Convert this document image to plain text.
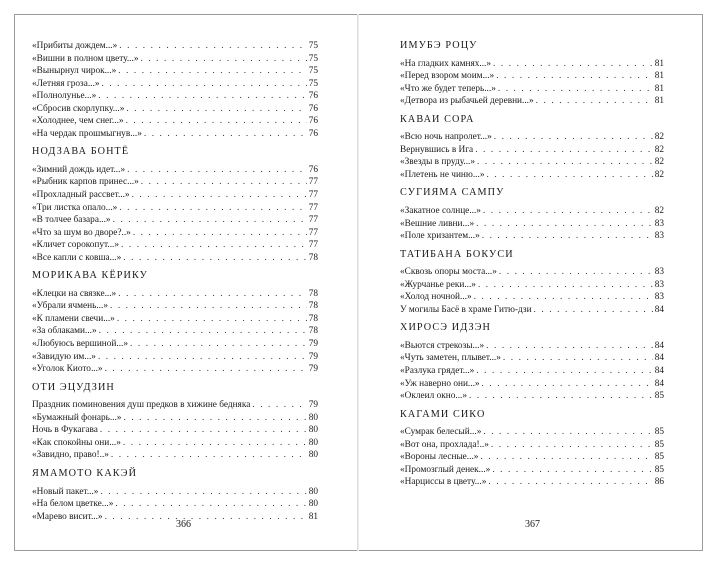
«Прибиты дождем...» . . .	75
«Вишни в полном цвету...» . . .	75
«Вынырнул чирок...» . . .	75
«Летняя гроза...» . . .	75
«Полнолунье...» . . .	76
«Сбросив скорлупку...» . . .	76
«Холоднее, чем снег...» . . .	76
«На чердак прошмыгнув...» . . .	76
НОДЗАВА БОНТЁ
«Зимний дождь идет...» . . .	76
«Рыбник карпов принес...» . . .	77
«Прохладный рассвет...» . . .	77
«Три листка опало...» . . .	77
«В толчее базара...» . . .	77
«Что за шум во дворе?..» . . .	77
«Кличет сорокопут...» . . .	77
«Все капли с ковша...» . . .	78
МОРИКАВА КЁРИКУ
«Клецки на связке...» . . .	78
«Убрали ячмень...» . . .	78
«К пламени свечи...» . . .	78
«За облаками...» . . .	78
«Любуюсь вершиной...» . . .	79
«Завидую им...» . . .	79
«Уголок Киото...» . . .	79
ОТИ ЭЦУДЗИН
Праздник поминовения душ предков в хижине бедняка . . .	79
«Бумажный фонарь...» . . .	80
Ночь в Фукагава . . .	80
«Как спокойны они...» . . .	80
«Завидно, право!..» . . .	80
ЯМАМОТО КАКЭЙ
«Новый пакет...» . . .	80
«На белом цветке...» . . .	80
«Марево висит...» . . .	81
ИМУБЭ РОЦУ
«На гладких камнях...» . . .	81
«Перед взором моим...» . . .	81
«Что же будет теперь...» . . .	81
«Детвора из рыбачьей деревни...» . . .	81
КАВАИ СОРА
«Всю ночь напролет...» . . .	82
Вернувшись в Ига . . .	82
«Звезды в пруду...» . . .	82
«Плетень не чиню...» . . .	82
СУГИЯМА САМПУ
«Закатное солнце...» . . .	82
«Вешние ливни...» . . .	83
«Поле хризантем...» . . .	83
ТАТИБАНА БОКУСИ
«Сквозь опоры моста...» . . .	83
«Журчанье реки...» . . .	83
«Холод ночной...» . . .	83
У могилы Басё в храме Гитю-дзи . . .	84
ХИРОСЭ ИДЗЭН
«Вьются стрекозы...» . . .	84
«Чуть заметен, плывет...» . . .	84
«Разлука грядет...» . . .	84
«Уж наверно они...» . . .	84
«Оклеил окно...» . . .	85
КАГАМИ СИКО
«Сумрак белесый...» . . .	85
«Вот она, прохлада!..» . . .	85
«Вороны лесные...» . . .	85
«Промозглый денек...» . . .	85
«Нарциссы в цвету...» . . .	86
366	367
